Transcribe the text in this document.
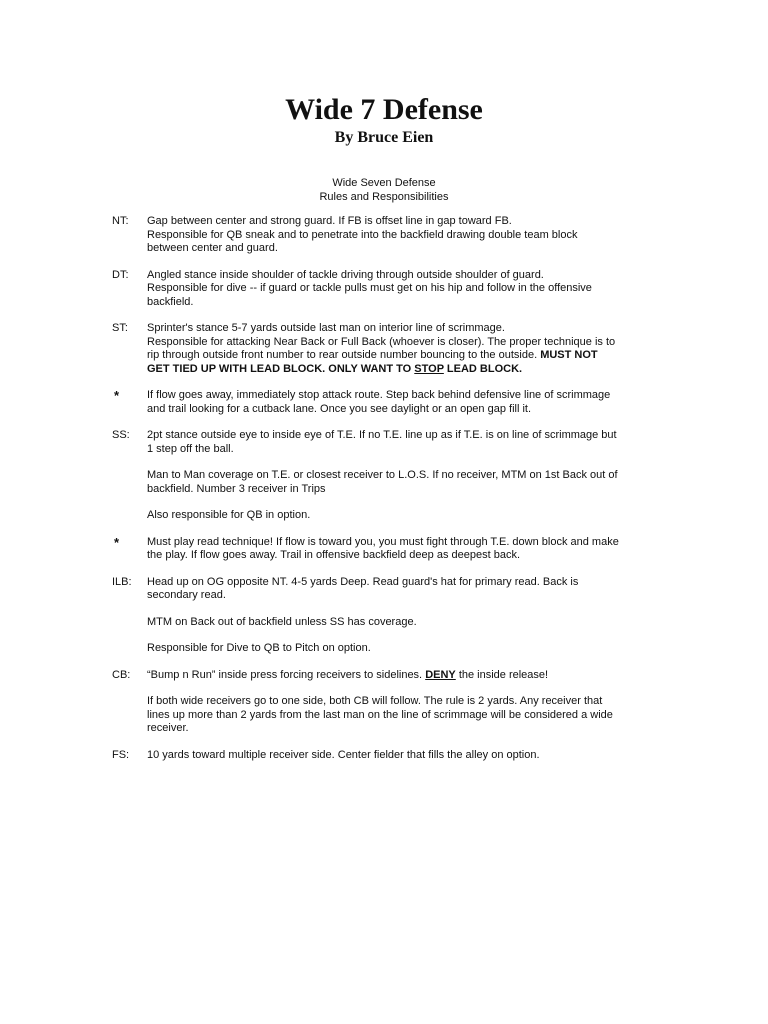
Wide 7 Defense
By Bruce Eien
Wide Seven Defense
Rules and Responsibilities
NT: Gap between center and strong guard. If FB is offset line in gap toward FB.
Responsible for QB sneak and to penetrate into the backfield drawing double team block
between center and guard.
DT: Angled stance inside shoulder of tackle driving through outside shoulder of guard.
Responsible for dive -- if guard or tackle pulls must get on his hip and follow in the offensive
backfield.
ST: Sprinter's stance 5-7 yards outside last man on interior line of scrimmage.
Responsible for attacking Near Back or Full Back (whoever is closer). The proper technique is to
rip through outside front number to rear outside number bouncing to the outside. MUST NOT
GET TIED UP WITH LEAD BLOCK. ONLY WANT TO STOP LEAD BLOCK.
*	If flow goes away, immediately stop attack route. Step back behind defensive line of scrimmage
and trail looking for a cutback lane. Once you see daylight or an open gap fill it.
SS: 2pt stance outside eye to inside eye of T.E. If no T.E. line up as if T.E. is on line of scrimmage but
1 step off the ball.
Man to Man coverage on T.E. or closest receiver to L.O.S. If no receiver, MTM on 1st Back out of
backfield. Number 3 receiver in Trips
Also responsible for QB in option.
*	Must play read technique! If flow is toward you, you must fight through T.E. down block and make
the play. If flow goes away. Trail in offensive backfield deep as deepest back.
ILB: Head up on OG opposite NT. 4-5 yards Deep. Read guard's hat for primary read. Back is
secondary read.
MTM on Back out of backfield unless SS has coverage.
Responsible for Dive to QB to Pitch on option.
CB: “Bump n Run” inside press forcing receivers to sidelines. DENY the inside release!
If both wide receivers go to one side, both CB will follow. The rule is 2 yards. Any receiver that
lines up more than 2 yards from the last man on the line of scrimmage will be considered a wide
receiver.
FS: 10 yards toward multiple receiver side. Center fielder that fills the alley on option.
